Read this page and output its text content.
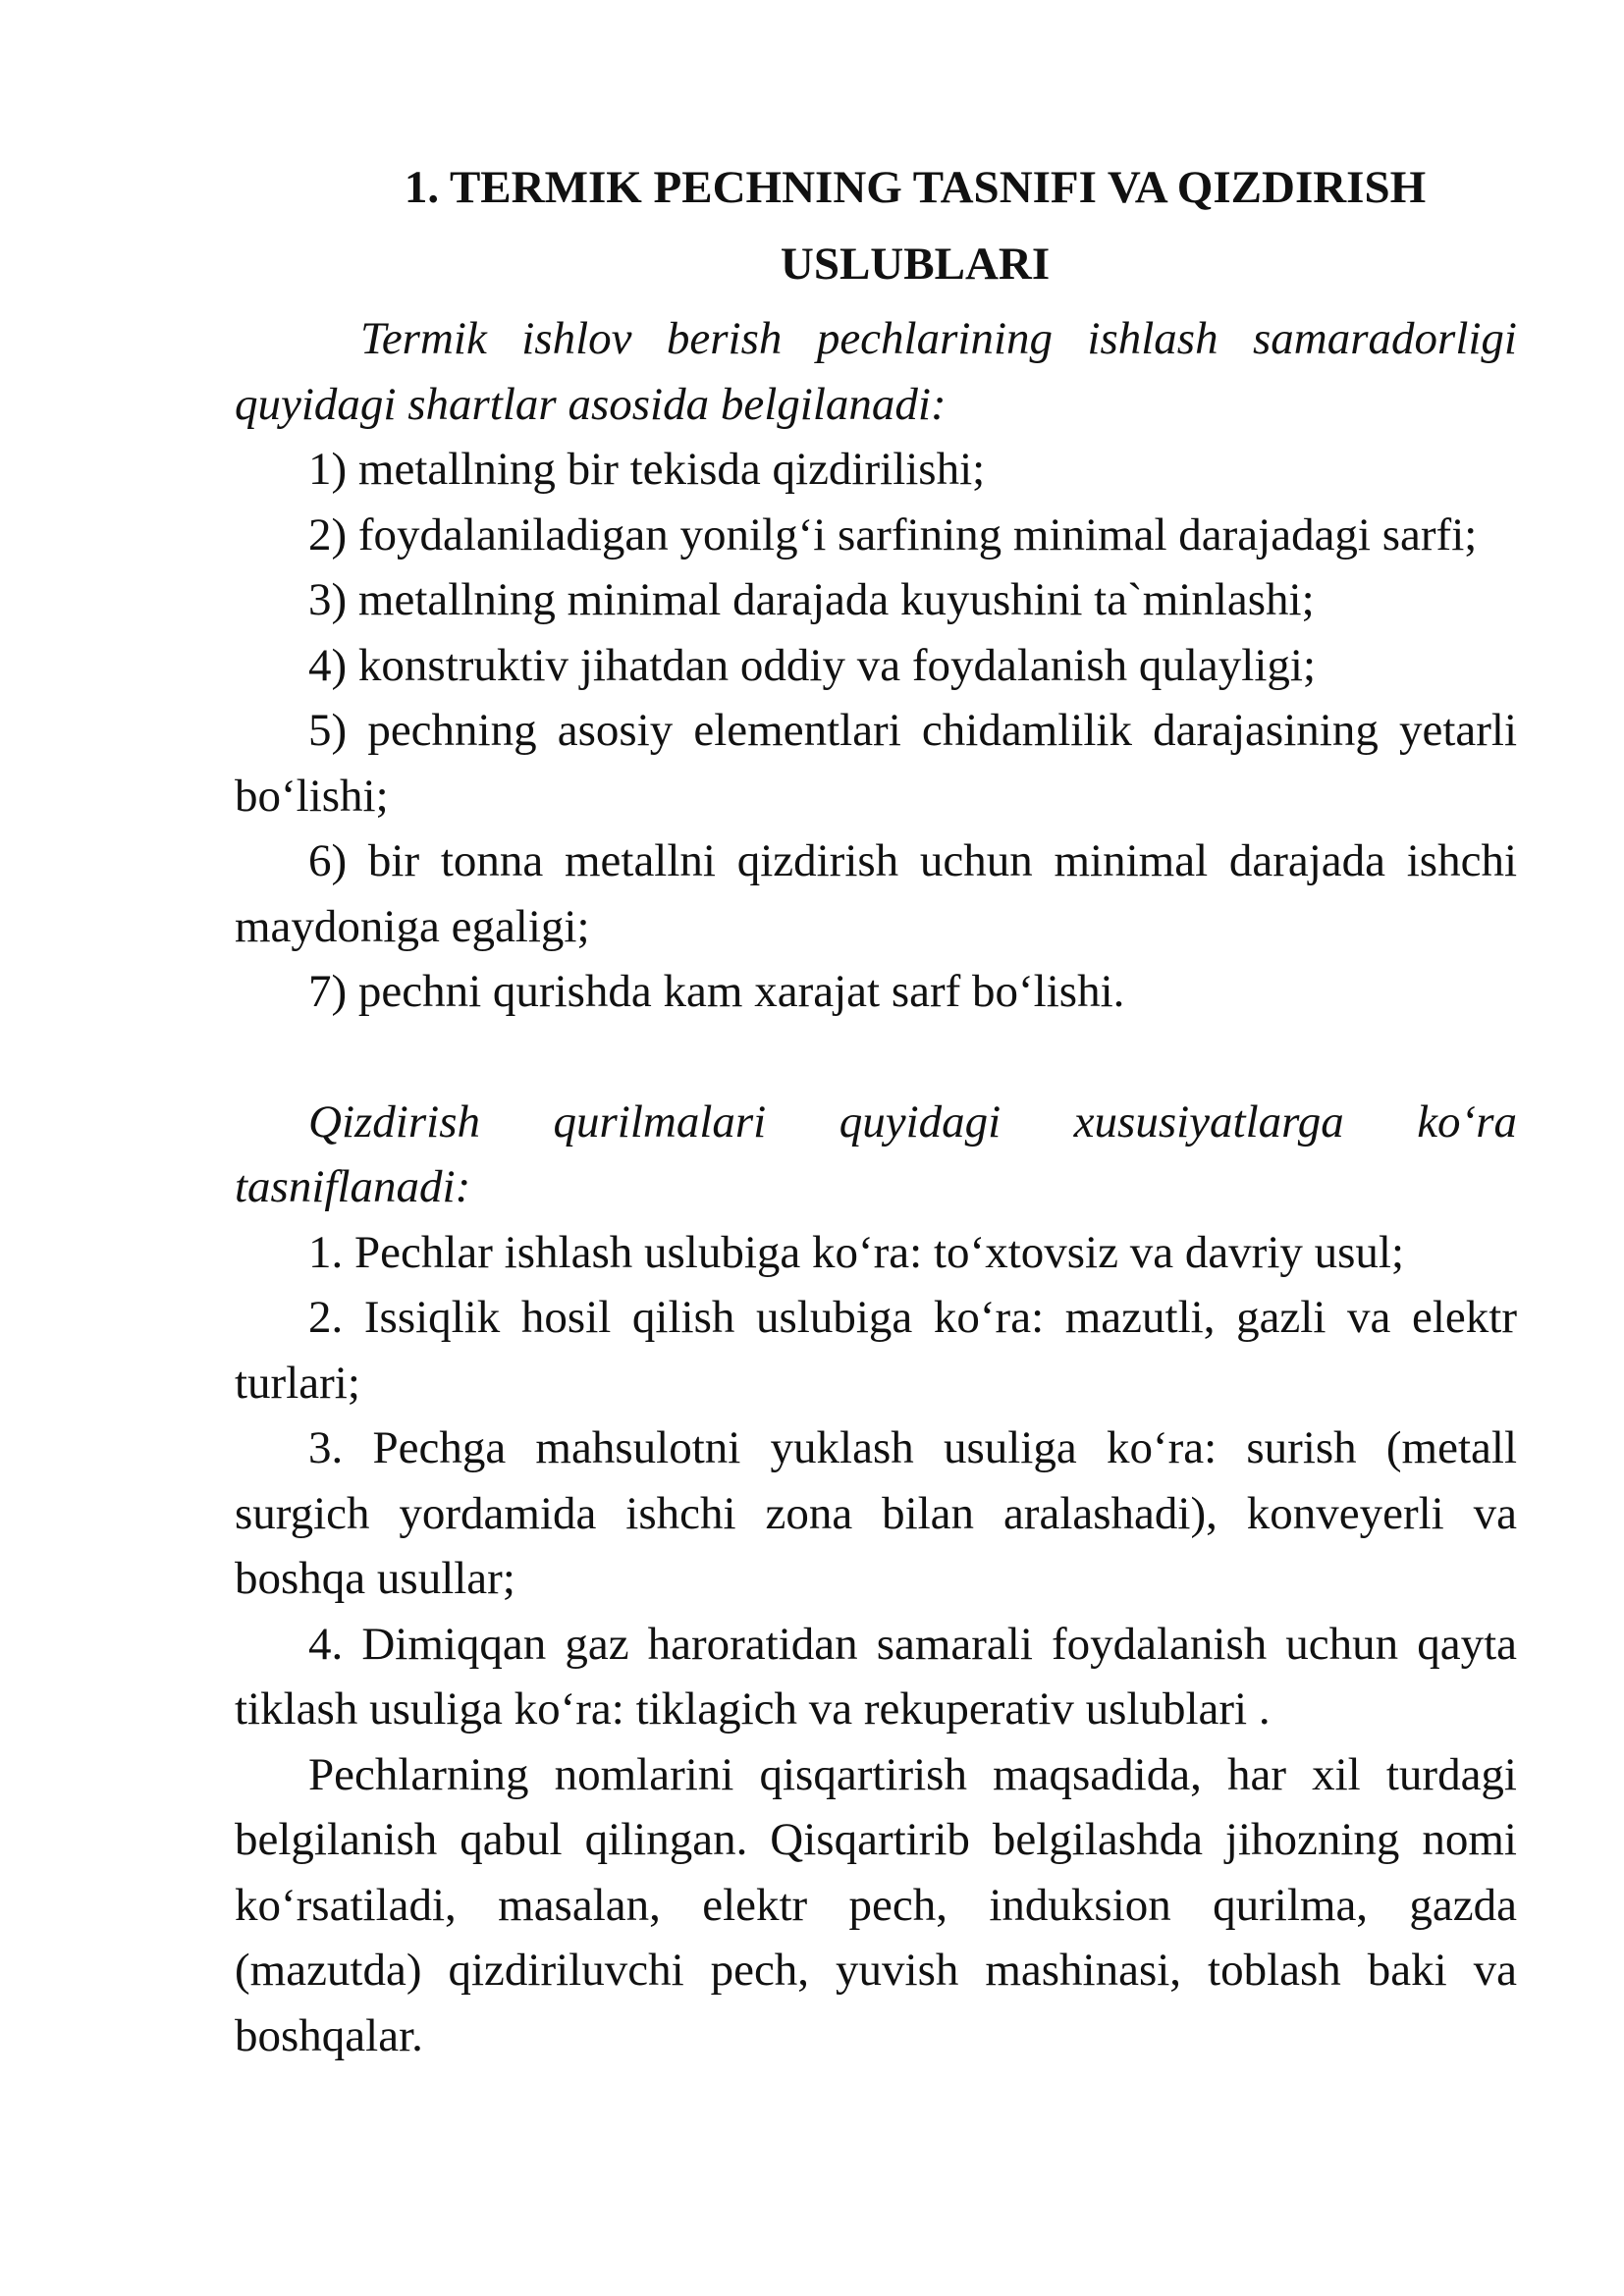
1. TERMIK PECHNING TASNIFI VA QIZDIRISH
USLUBLARI

Termik ishlov berish pechlarining ishlash samaradorligi quyidagi shartlar asosida belgilanadi:

1) metallning bir tekisda qizdirilishi;

2) foydalaniladigan yonilg‘i sarfining minimal darajadagi sarfi;

3) metallning minimal darajada kuyushini ta`minlashi;

4) konstruktiv jihatdan oddiy va foydalanish qulayligi;

5) pechning asosiy elementlari chidamlilik darajasining yetarli bo‘lishi;

6) bir tonna metallni qizdirish uchun minimal darajada ishchi maydoniga egaligi;

7) pechni qurishda kam xarajat sarf bo‘lishi.

Qizdirish qurilmalari quyidagi xususiyatlarga ko‘ra tasniflanadi:

1. Pechlar ishlash uslubiga ko‘ra: to‘xtovsiz va davriy usul;

2. Issiqlik hosil qilish uslubiga ko‘ra: mazutli, gazli va elektr turlari;

3. Pechga mahsulotni yuklash usuliga ko‘ra: surish (metall surgich yordamida ishchi zona bilan aralashadi), konveyerli va boshqa usullar;

4. Dimiqqan gaz haroratidan samarali foydalanish uchun qayta tiklash usuliga ko‘ra: tiklagich va rekuperativ uslublari .

Pechlarning nomlarini qisqartirish maqsadida, har xil turdagi belgilanish qabul qilingan. Qisqartirib belgilashda jihozning nomi ko‘rsatiladi, masalan, elektr pech, induksion qurilma, gazda (mazutda) qizdiriluvchi pech, yuvish mashinasi, toblash baki va boshqalar.
